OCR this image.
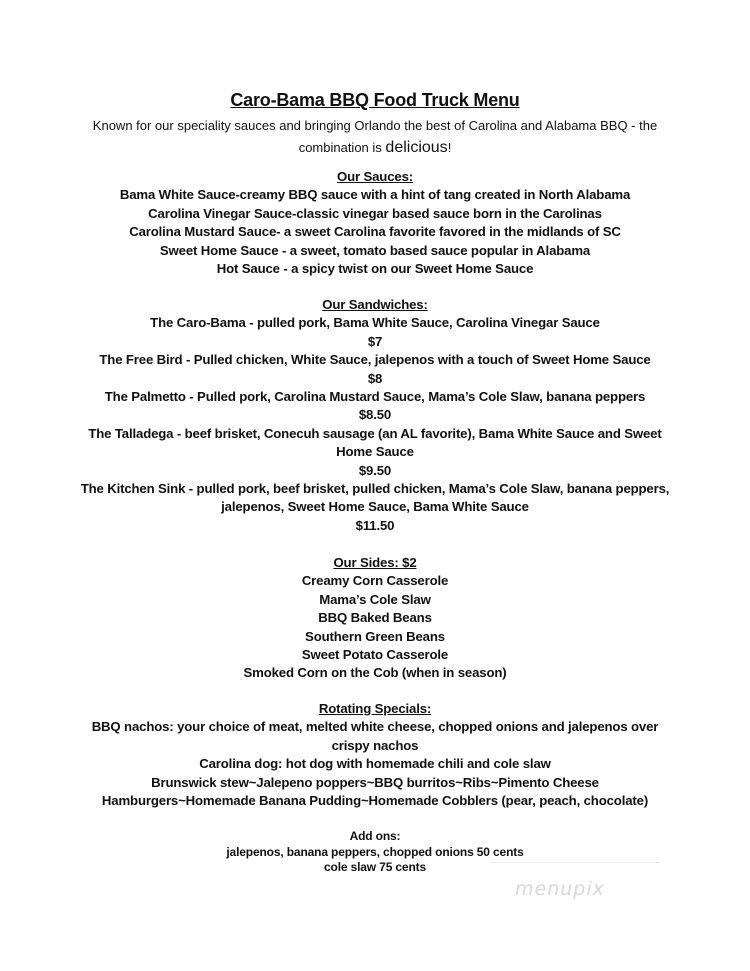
Caro-Bama BBQ Food Truck Menu
Known for our speciality sauces and bringing Orlando the best of Carolina and Alabama BBQ - the combination is delicious!
Our Sauces:
Bama White Sauce-creamy BBQ sauce with a hint of tang created in North Alabama
Carolina Vinegar Sauce-classic vinegar based sauce born in the Carolinas
Carolina Mustard Sauce- a sweet Carolina favorite favored in the midlands of SC
Sweet Home Sauce - a sweet, tomato based sauce popular in Alabama
Hot Sauce - a spicy twist on our Sweet Home Sauce
Our Sandwiches:
The Caro-Bama - pulled pork, Bama White Sauce, Carolina Vinegar Sauce
$7
The Free Bird - Pulled chicken, White Sauce, jalepenos with a touch of Sweet Home Sauce
$8
The Palmetto - Pulled pork, Carolina Mustard Sauce, Mama’s Cole Slaw, banana peppers
$8.50
The Talladega - beef brisket, Conecuh sausage (an AL favorite), Bama White Sauce and Sweet Home Sauce
$9.50
The Kitchen Sink - pulled pork, beef brisket, pulled chicken, Mama’s Cole Slaw, banana peppers, jalepenos, Sweet Home Sauce, Bama White Sauce
$11.50
Our Sides: $2
Creamy Corn Casserole
Mama’s Cole Slaw
BBQ Baked Beans
Southern Green Beans
Sweet Potato Casserole
Smoked Corn on the Cob (when in season)
Rotating Specials:
BBQ nachos: your choice of meat, melted white cheese, chopped onions and jalepenos over crispy nachos
Carolina dog: hot dog with homemade chili and cole slaw
Brunswick stew~Jalepeno poppers~BBQ burritos~Ribs~Pimento Cheese
Hamburgers~Homemade Banana Pudding~Homemade Cobblers (pear, peach, chocolate)
Add ons:
jalepenos, banana peppers, chopped onions 50 cents
cole slaw 75 cents
menupix
